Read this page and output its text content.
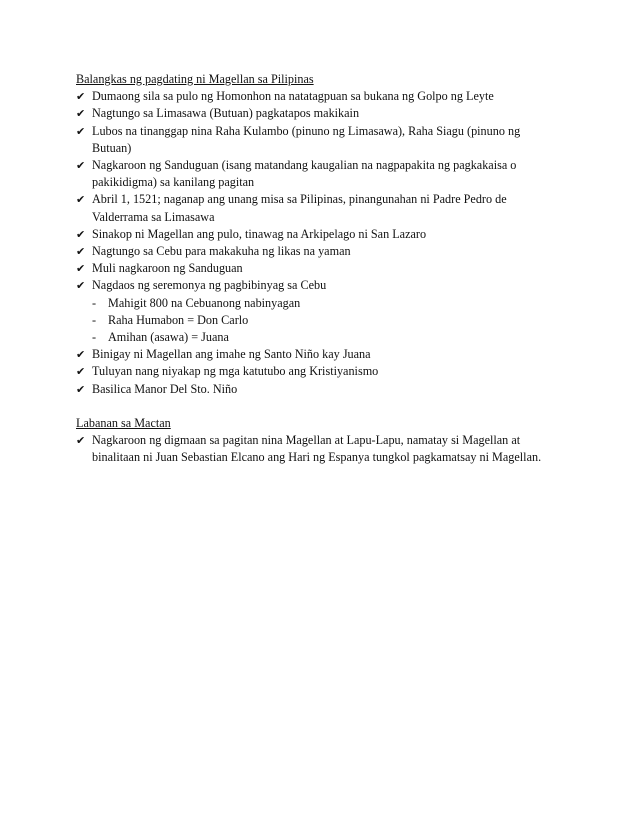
Balangkas ng pagdating ni Magellan sa Pilipinas

✔ Dumaong sila sa pulo ng Homonhon na natatagpuan sa bukana ng Golpo ng Leyte
✔ Nagtungo sa Limasawa (Butuan) pagkatapos makikain
✔ Lubos na tinanggap nina Raha Kulambo (pinuno ng Limasawa), Raha Siagu (pinuno ng Butuan)
✔ Nagkaroon ng Sanduguan (isang matandang kaugalian na nagpapakita ng pagkakaisa o pakikidigma) sa kanilang pagitan
✔ Abril 1, 1521; naganap ang unang misa sa Pilipinas, pinangunahan ni Padre Pedro de Valderrama sa Limasawa
✔ Sinakop ni Magellan ang pulo, tinawag na Arkipelago ni San Lazaro
✔ Nagtungo sa Cebu para makakuha ng likas na yaman
✔ Muli nagkaroon ng Sanduguan
✔ Nagdaos ng seremonya ng pagbibinyag sa Cebu
- Mahigit 800 na Cebuanong nabinyagan
- Raha Humabon = Don Carlo
- Amihan (asawa) = Juana
✔ Binigay ni Magellan ang imahe ng Santo Niño kay Juana
✔ Tuluyan nang niyakap ng mga katutubo ang Kristiyanismo
✔ Basilica Manor Del Sto. Niño

Labanan sa Mactan

✔ Nagkaroon ng digmaan sa pagitan nina Magellan at Lapu-Lapu, namatay si Magellan at binalitaan ni Juan Sebastian Elcano ang Hari ng Espanya tungkol pagkamatsay ni Magellan.
